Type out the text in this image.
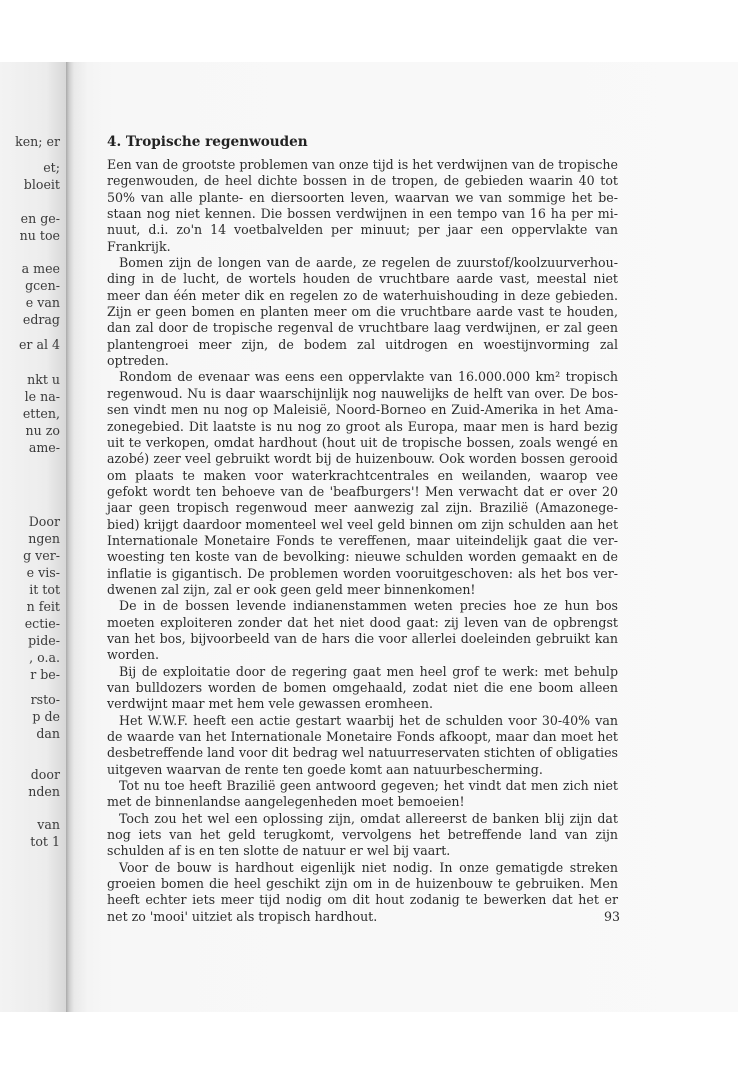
ken; er

et;

bloeit

en ge-

nu toe

a mee

gcen-

e van

edrag

er al 4

nkt u

le na-

etten,

nu zo

ame-

Door

ngen

g ver-

e vis-

it tot

n feit

ectie-

pide-

, o.a.

r be-

rsto-

p de

dan

door

nden

van

tot 1

4. Tropische regenwouden

Een van de grootste problemen van onze tijd is het verdwijnen van de tropische regenwouden, de heel dichte bossen in de tropen, de gebieden waarin 40 tot 50% van alle plante- en diersoorten leven, waarvan we van sommige het bestaan nog niet kennen. Die bossen verdwijnen in een tempo van 16 ha per minuut, d.i. zo'n 14 voetbalvelden per minuut; per jaar een oppervlakte van Frankrijk.

Bomen zijn de longen van de aarde, ze regelen de zuurstof/koolzuurverhouding in de lucht, de wortels houden de vruchtbare aarde vast, meestal niet meer dan één meter dik en regelen zo de waterhuishouding in deze gebieden. Zijn er geen bomen en planten meer om die vruchtbare aarde vast te houden, dan zal door de tropische regenval de vruchtbare laag verdwijnen, er zal geen plantengroei meer zijn, de bodem zal uitdrogen en woestijnvorming zal optreden.

Rondom de evenaar was eens een oppervlakte van 16.000.000 km² tropisch regenwoud. Nu is daar waarschijnlijk nog nauwelijks de helft van over. De bossen vindt men nu nog op Maleisië, Noord-Borneo en Zuid-Amerika in het Amazonegebied. Dit laatste is nu nog zo groot als Europa, maar men is hard bezig uit te verkopen, omdat hardhout (hout uit de tropische bossen, zoals wengé en azobé) zeer veel gebruikt wordt bij de huizenbouw. Ook worden bossen gerooid om plaats te maken voor waterkrachtcentrales en weilanden, waarop vee gefokt wordt ten behoeve van de 'beafburgers'! Men verwacht dat er over 20 jaar geen tropisch regenwoud meer aanwezig zal zijn. Brazilië (Amazonegebied) krijgt daardoor momenteel wel veel geld binnen om zijn schulden aan het Internationale Monetaire Fonds te vereffenen, maar uiteindelijk gaat die verwoesting ten koste van de bevolking: nieuwe schulden worden gemaakt en de inflatie is gigantisch. De problemen worden vooruitgeschoven: als het bos verdwenen zal zijn, zal er ook geen geld meer binnenkomen!

De in de bossen levende indianenstammen weten precies hoe ze hun bos moeten exploiteren zonder dat het niet dood gaat: zij leven van de opbrengst van het bos, bijvoorbeeld van de hars die voor allerlei doeleinden gebruikt kan worden.

Bij de exploitatie door de regering gaat men heel grof te werk: met behulp van bulldozers worden de bomen omgehaald, zodat niet die ene boom alleen verdwijnt maar met hem vele gewassen eromheen.

Het W.W.F. heeft een actie gestart waarbij het de schulden voor 30-40% van de waarde van het Internationale Monetaire Fonds afkoopt, maar dan moet het desbetreffende land voor dit bedrag wel natuurreservaten stichten of obligaties uitgeven waarvan de rente ten goede komt aan natuurbescherming.

Tot nu toe heeft Brazilië geen antwoord gegeven; het vindt dat men zich niet met de binnenlandse aangelegenheden moet bemoeien!

Toch zou het wel een oplossing zijn, omdat allereerst de banken blij zijn dat nog iets van het geld terugkomt, vervolgens het betreffende land van zijn schulden af is en ten slotte de natuur er wel bij vaart.

Voor de bouw is hardhout eigenlijk niet nodig. In onze gematigde streken groeien bomen die heel geschikt zijn om in de huizenbouw te gebruiken. Men heeft echter iets meer tijd nodig om dit hout zodanig te bewerken dat het er net zo 'mooi' uitziet als tropisch hardhout.	93
